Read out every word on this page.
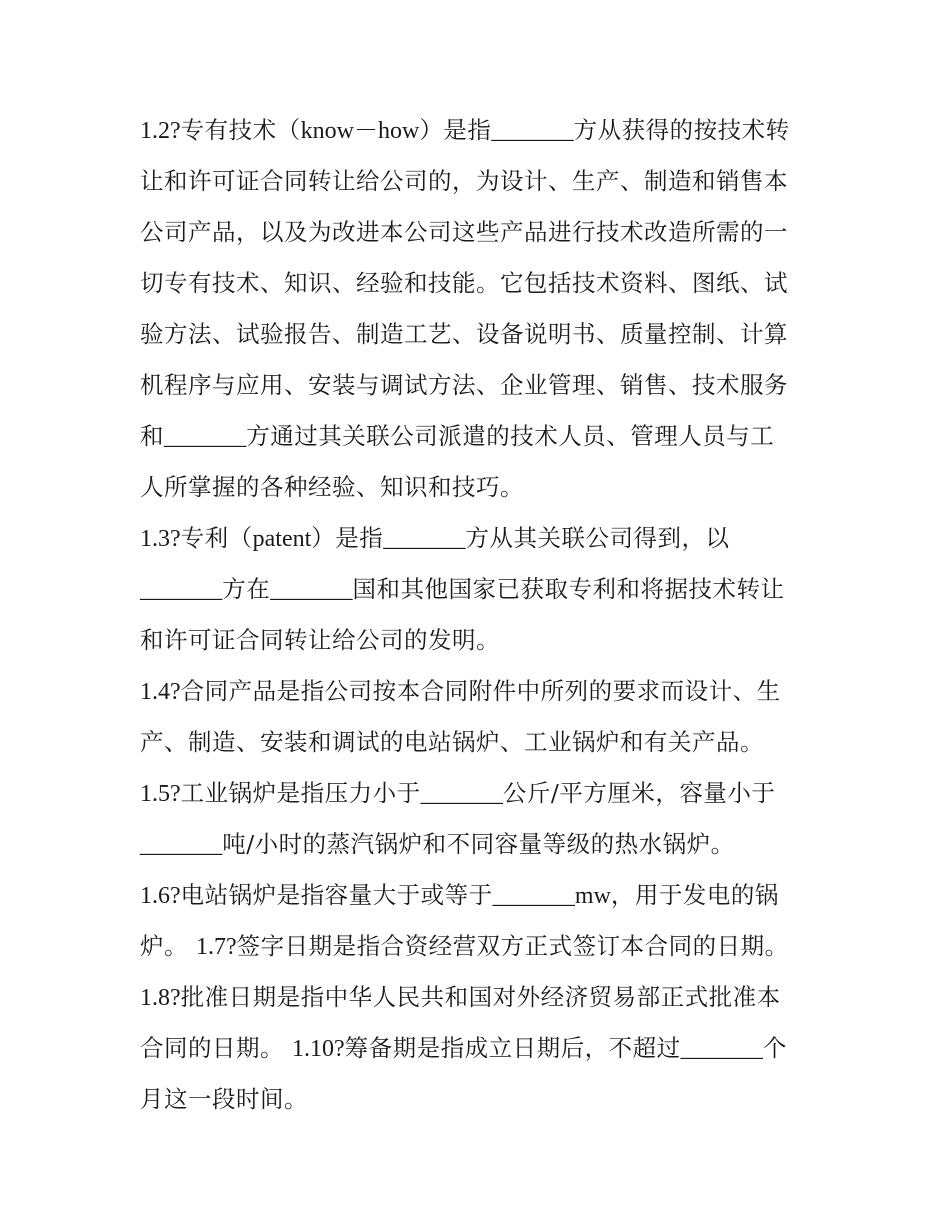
1.2?专有技术（know－how）是指_______方从获得的按技术转
让和许可证合同转让给公司的，为设计、生产、制造和销售本
公司产品，以及为改进本公司这些产品进行技术改造所需的一
切专有技术、知识、经验和技能。它包括技术资料、图纸、试
验方法、试验报告、制造工艺、设备说明书、质量控制、计算
机程序与应用、安装与调试方法、企业管理、销售、技术服务
和_______方通过其关联公司派遣的技术人员、管理人员与工
人所掌握的各种经验、知识和技巧。
1.3?专利（patent）是指_______方从其关联公司得到，以
_______方在_______国和其他国家已获取专利和将据技术转让
和许可证合同转让给公司的发明。
1.4?合同产品是指公司按本合同附件中所列的要求而设计、生
产、制造、安装和调试的电站锅炉、工业锅炉和有关产品。
1.5?工业锅炉是指压力小于_______公斤/平方厘米，容量小于
_______吨/小时的蒸汽锅炉和不同容量等级的热水锅炉。
1.6?电站锅炉是指容量大于或等于_______mw，用于发电的锅
炉。 1.7?签字日期是指合资经营双方正式签订本合同的日期。
1.8?批准日期是指中华人民共和国对外经济贸易部正式批准本
合同的日期。 1.10?筹备期是指成立日期后，不超过_______个
月这一段时间。
